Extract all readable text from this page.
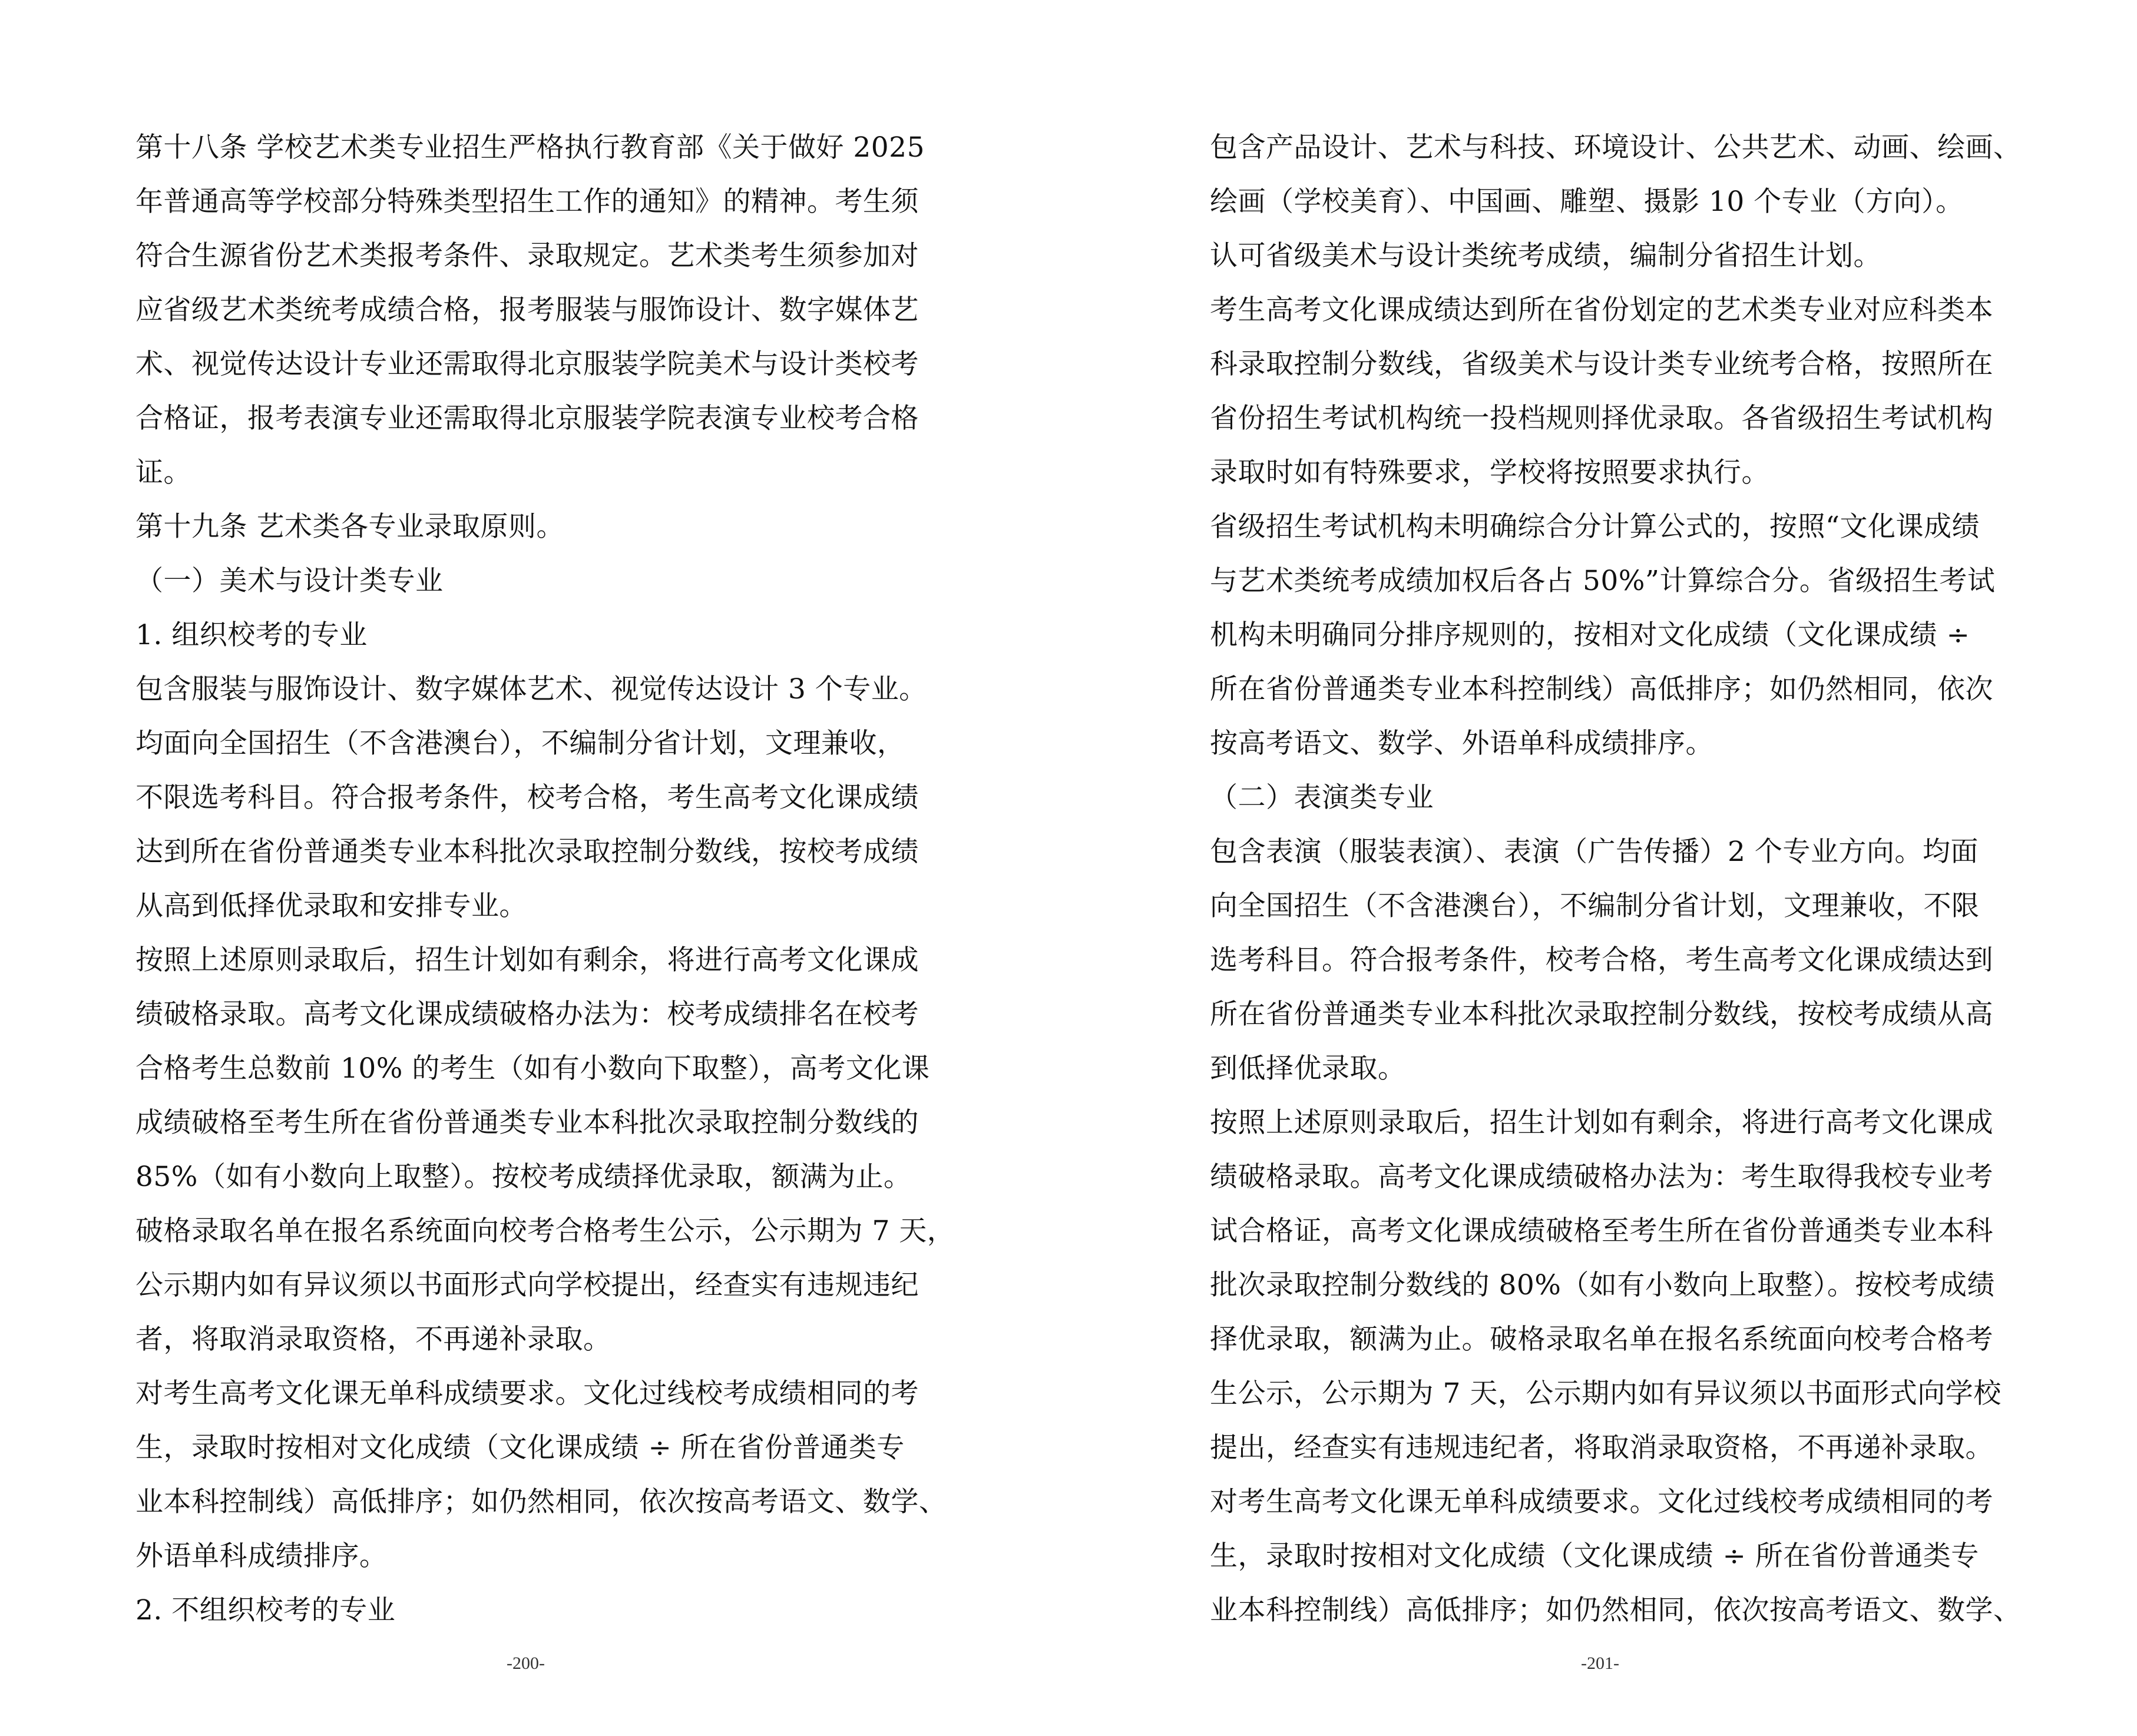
第十八条 学校艺术类专业招生严格执行教育部《关于做好 2025
年普通高等学校部分特殊类型招生工作的通知》的精神。考生须
符合生源省份艺术类报考条件、录取规定。艺术类考生须参加对
应省级艺术类统考成绩合格，报考服装与服饰设计、数字媒体艺
术、视觉传达设计专业还需取得北京服装学院美术与设计类校考
合格证，报考表演专业还需取得北京服装学院表演专业校考合格
证。
第十九条 艺术类各专业录取原则。
（一）美术与设计类专业
1. 组织校考的专业
包含服装与服饰设计、数字媒体艺术、视觉传达设计 3 个专业。
均面向全国招生（不含港澳台），不编制分省计划，文理兼收，
不限选考科目。符合报考条件，校考合格，考生高考文化课成绩
达到所在省份普通类专业本科批次录取控制分数线，按校考成绩
从高到低择优录取和安排专业。
按照上述原则录取后，招生计划如有剩余，将进行高考文化课成
绩破格录取。高考文化课成绩破格办法为：校考成绩排名在校考
合格考生总数前 10% 的考生（如有小数向下取整），高考文化课
成绩破格至考生所在省份普通类专业本科批次录取控制分数线的
85%（如有小数向上取整）。按校考成绩择优录取，额满为止。
破格录取名单在报名系统面向校考合格考生公示，公示期为 7 天，
公示期内如有异议须以书面形式向学校提出，经查实有违规违纪
者，将取消录取资格，不再递补录取。
对考生高考文化课无单科成绩要求。文化过线校考成绩相同的考
生，录取时按相对文化成绩（文化课成绩 ÷ 所在省份普通类专
业本科控制线）高低排序；如仍然相同，依次按高考语文、数学、
外语单科成绩排序。
2. 不组织校考的专业
-200-
包含产品设计、艺术与科技、环境设计、公共艺术、动画、绘画、
绘画（学校美育）、中国画、雕塑、摄影 10 个专业（方向）。
认可省级美术与设计类统考成绩，编制分省招生计划。
考生高考文化课成绩达到所在省份划定的艺术类专业对应科类本
科录取控制分数线，省级美术与设计类专业统考合格，按照所在
省份招生考试机构统一投档规则择优录取。各省级招生考试机构
录取时如有特殊要求，学校将按照要求执行。
省级招生考试机构未明确综合分计算公式的，按照“文化课成绩
与艺术类统考成绩加权后各占 50%”计算综合分。省级招生考试
机构未明确同分排序规则的，按相对文化成绩（文化课成绩 ÷
所在省份普通类专业本科控制线）高低排序；如仍然相同，依次
按高考语文、数学、外语单科成绩排序。
（二）表演类专业
包含表演（服装表演）、表演（广告传播）2 个专业方向。均面
向全国招生（不含港澳台），不编制分省计划，文理兼收，不限
选考科目。符合报考条件，校考合格，考生高考文化课成绩达到
所在省份普通类专业本科批次录取控制分数线，按校考成绩从高
到低择优录取。
按照上述原则录取后，招生计划如有剩余，将进行高考文化课成
绩破格录取。高考文化课成绩破格办法为：考生取得我校专业考
试合格证，高考文化课成绩破格至考生所在省份普通类专业本科
批次录取控制分数线的 80%（如有小数向上取整）。按校考成绩
择优录取，额满为止。破格录取名单在报名系统面向校考合格考
生公示，公示期为 7 天，公示期内如有异议须以书面形式向学校
提出，经查实有违规违纪者，将取消录取资格，不再递补录取。
对考生高考文化课无单科成绩要求。文化过线校考成绩相同的考
生，录取时按相对文化成绩（文化课成绩 ÷ 所在省份普通类专
业本科控制线）高低排序；如仍然相同，依次按高考语文、数学、
-201-
